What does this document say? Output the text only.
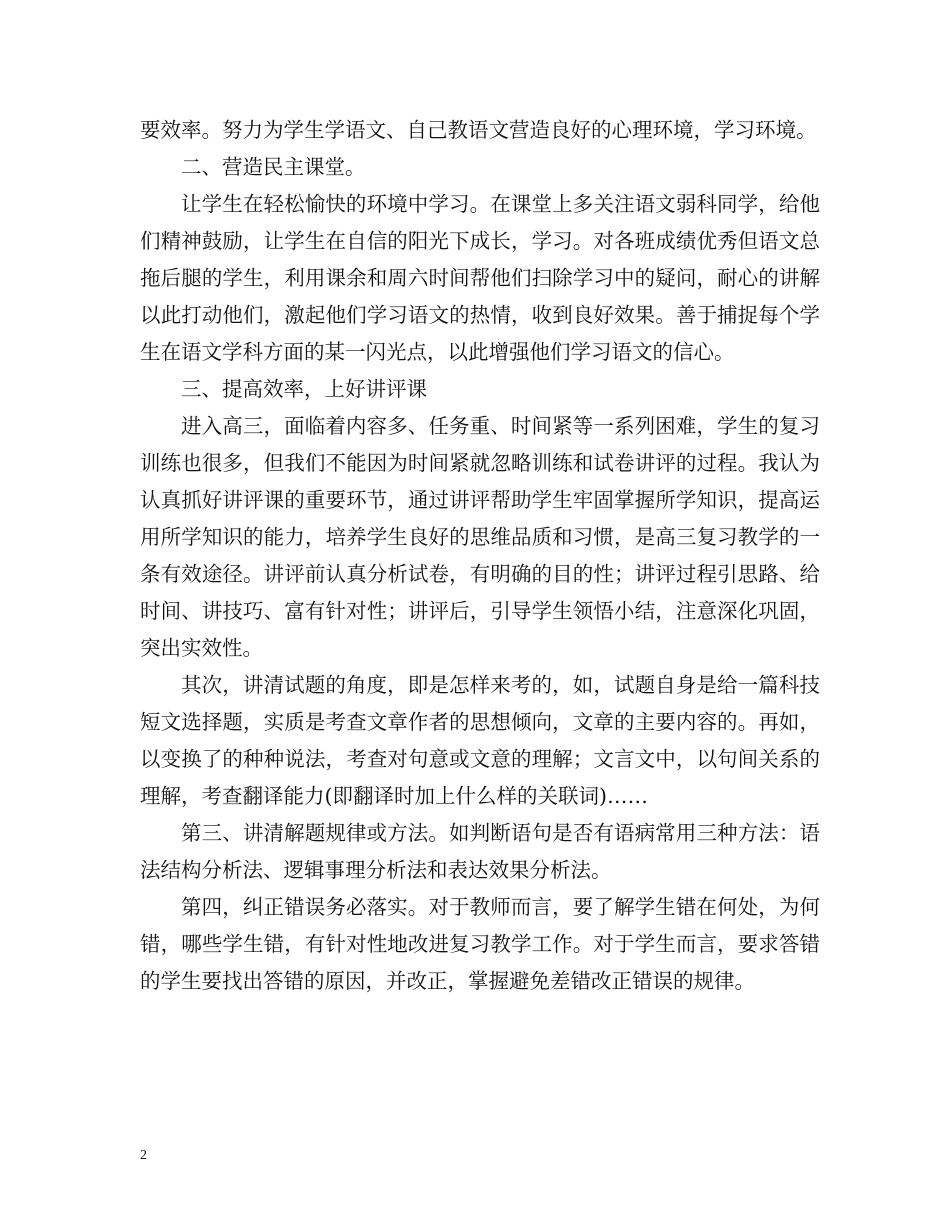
要效率。努力为学生学语文、自己教语文营造良好的心理环境，学习环境。

二、营造民主课堂。

让学生在轻松愉快的环境中学习。在课堂上多关注语文弱科同学，给他们精神鼓励，让学生在自信的阳光下成长，学习。对各班成绩优秀但语文总拖后腿的学生，利用课余和周六时间帮他们扫除学习中的疑问，耐心的讲解以此打动他们，激起他们学习语文的热情，收到良好效果。善于捕捉每个学生在语文学科方面的某一闪光点，以此增强他们学习语文的信心。

三、提高效率，上好讲评课

进入高三，面临着内容多、任务重、时间紧等一系列困难，学生的复习训练也很多，但我们不能因为时间紧就忽略训练和试卷讲评的过程。我认为认真抓好讲评课的重要环节，通过讲评帮助学生牢固掌握所学知识，提高运用所学知识的能力，培养学生良好的思维品质和习惯，是高三复习教学的一条有效途径。讲评前认真分析试卷，有明确的目的性；讲评过程引思路、给时间、讲技巧、富有针对性；讲评后，引导学生领悟小结，注意深化巩固，突出实效性。

其次，讲清试题的角度，即是怎样来考的，如，试题自身是给一篇科技短文选择题，实质是考查文章作者的思想倾向，文章的主要内容的。再如，以变换了的种种说法，考查对句意或文意的理解；文言文中，以句间关系的理解，考查翻译能力(即翻译时加上什么样的关联词)……

第三、讲清解题规律或方法。如判断语句是否有语病常用三种方法：语法结构分析法、逻辑事理分析法和表达效果分析法。

第四，纠正错误务必落实。对于教师而言，要了解学生错在何处，为何错，哪些学生错，有针对性地改进复习教学工作。对于学生而言，要求答错的学生要找出答错的原因，并改正，掌握避免差错改正错误的规律。

2
